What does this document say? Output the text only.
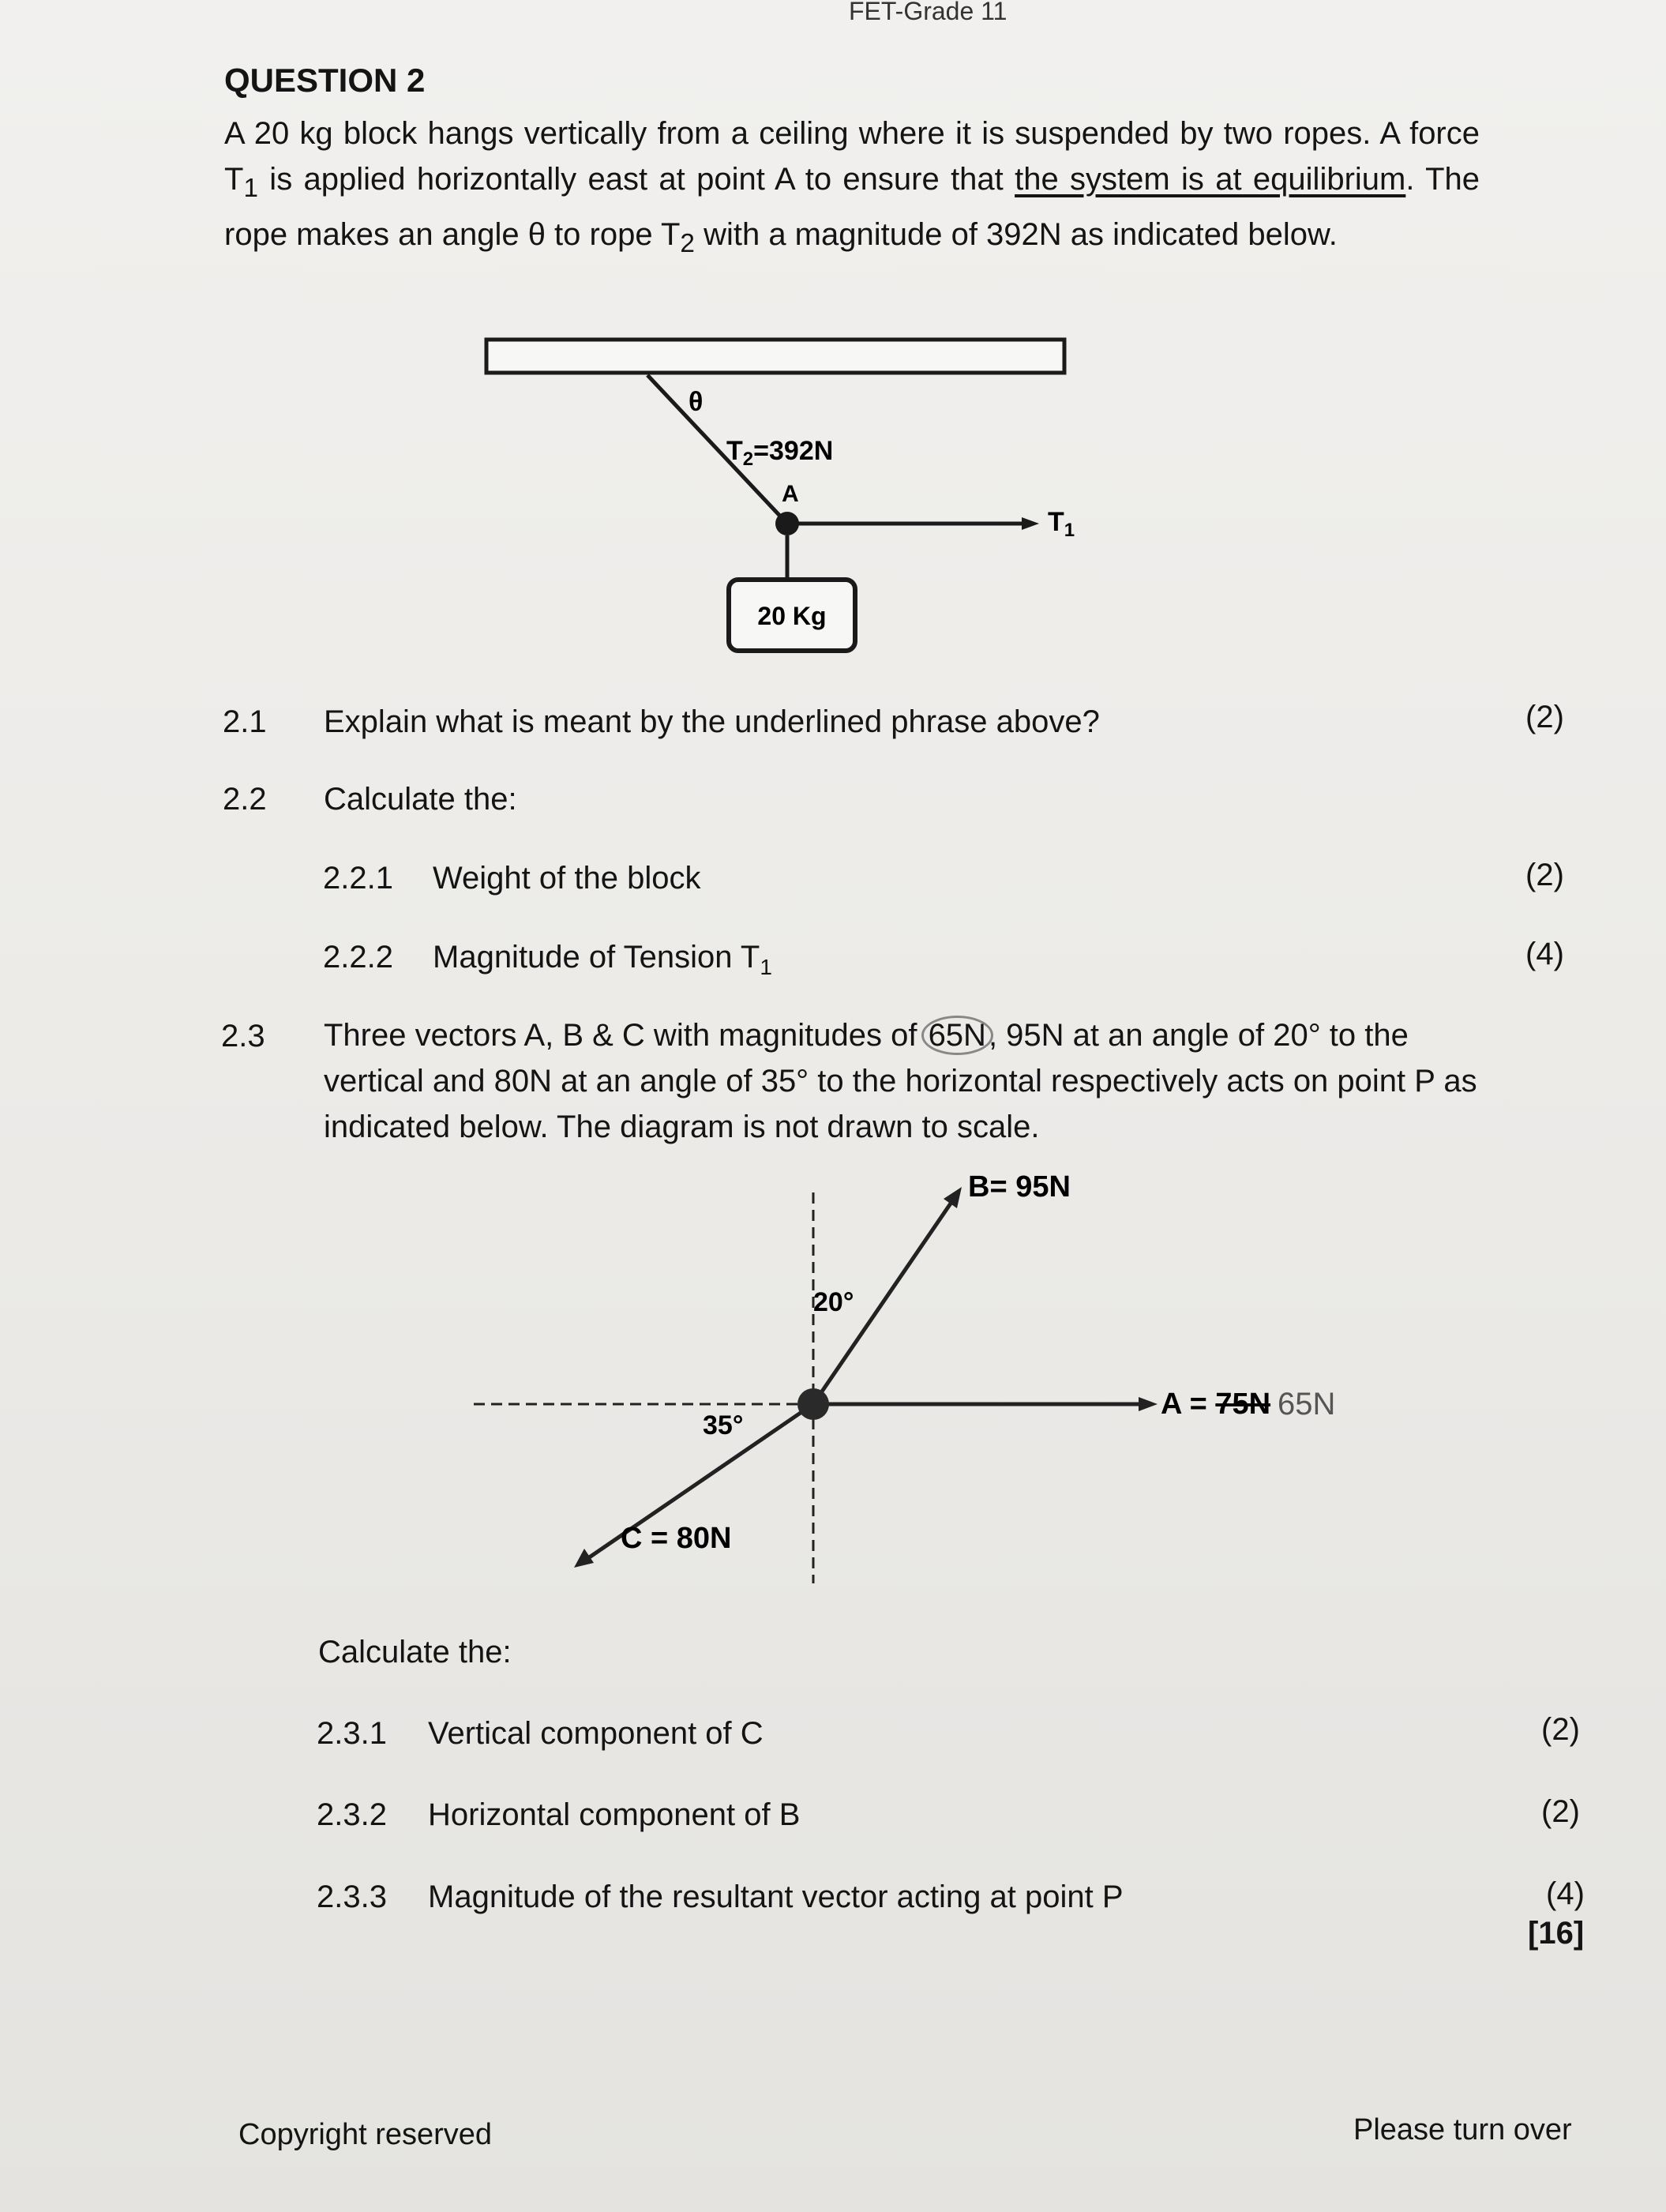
FET-Grade 11
QUESTION 2
A 20 kg block hangs vertically from a ceiling where it is suspended by two ropes. A force $T_1$ is applied horizontally east at point A to ensure that the system is at equilibrium. The rope makes an angle θ to rope $T_2$ with a magnitude of 392N as indicated below.
θ
$T_2=392N$
A
$T_1$
20 Kg
2.1 Explain what is meant by the underlined phrase above?	(2)
2.2 Calculate the:
2.2.1 Weight of the block	(2)
2.2.2 Magnitude of Tension $T_1$	(4)
2.3 Three vectors A, B & C with magnitudes of 65N, 95N at an angle of 20° to the vertical and 80N at an angle of 35° to the horizontal respectively acts on point P as indicated below. The diagram is not drawn to scale.
B= 95N
20°
A = 75N 65N
C = 80N
35°
Calculate the:
2.3.1 Vertical component of C	(2)
2.3.2 Horizontal component of B	(2)
2.3.3 Magnitude of the resultant vector acting at point P	(4)
[16]
Copyright reserved	Please turn over
